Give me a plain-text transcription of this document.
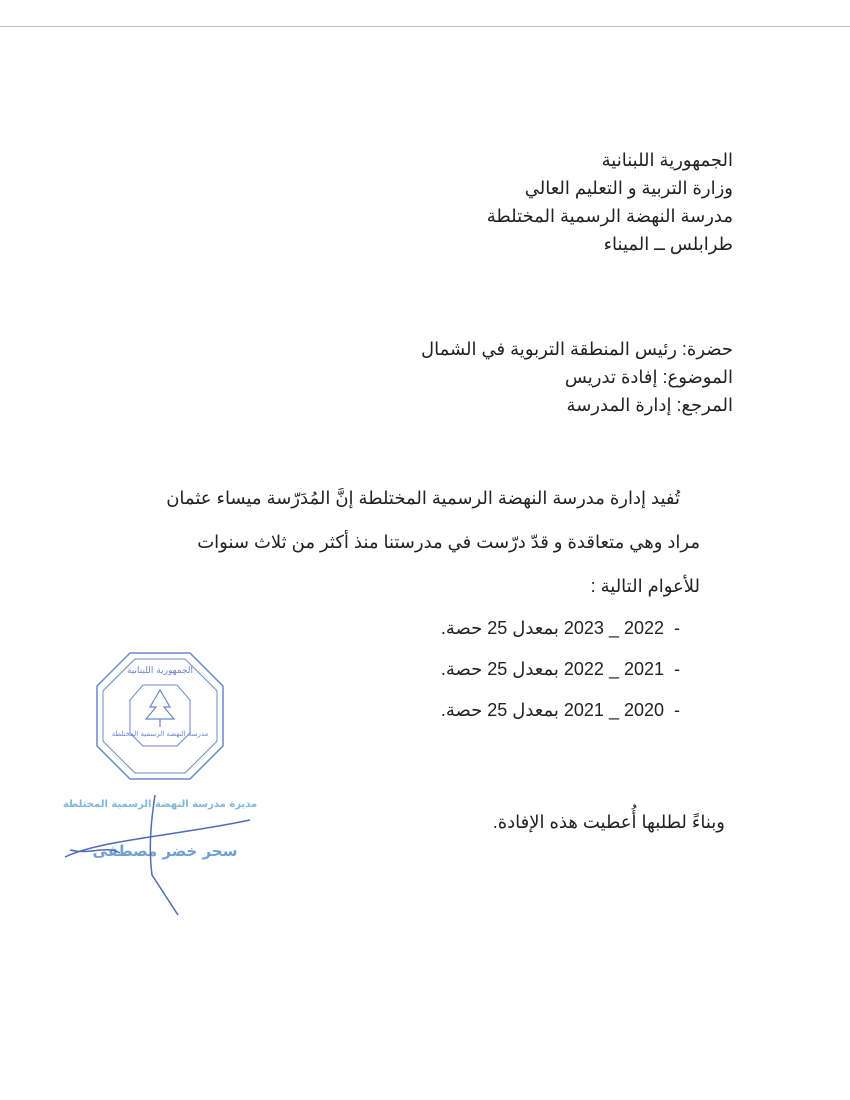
الجمهورية اللبنانية
وزارة التربية و التعليم العالي
مدرسة النهضة الرسمية المختلطة
طرابلس ــ الميناء
حضرة: رئيس المنطقة التربوية في الشمال
الموضوع: إفادة تدريس
المرجع: إدارة المدرسة
تُفيد إدارة مدرسة النهضة الرسمية المختلطة إنَّ المُدَرّسة ميساء عثمان
مراد وهي متعاقدة و قدّ درّست في مدرستنا منذ أكثر من ثلاث سنوات
للأعوام التالية :
-2022 _ 2023 بمعدل 25 حصة.
-2021 _ 2022 بمعدل 25 حصة.
-2020 _ 2021 بمعدل 25 حصة.
وبناءً لطلبها أُعطيت هذه الإفادة.
مدرسة النهضة الرسمية المختلطة
الجمهورية اللبنانية
مديرة مدرسة النهضة الرسمية المختلطة
سحر خضر مصطفى
